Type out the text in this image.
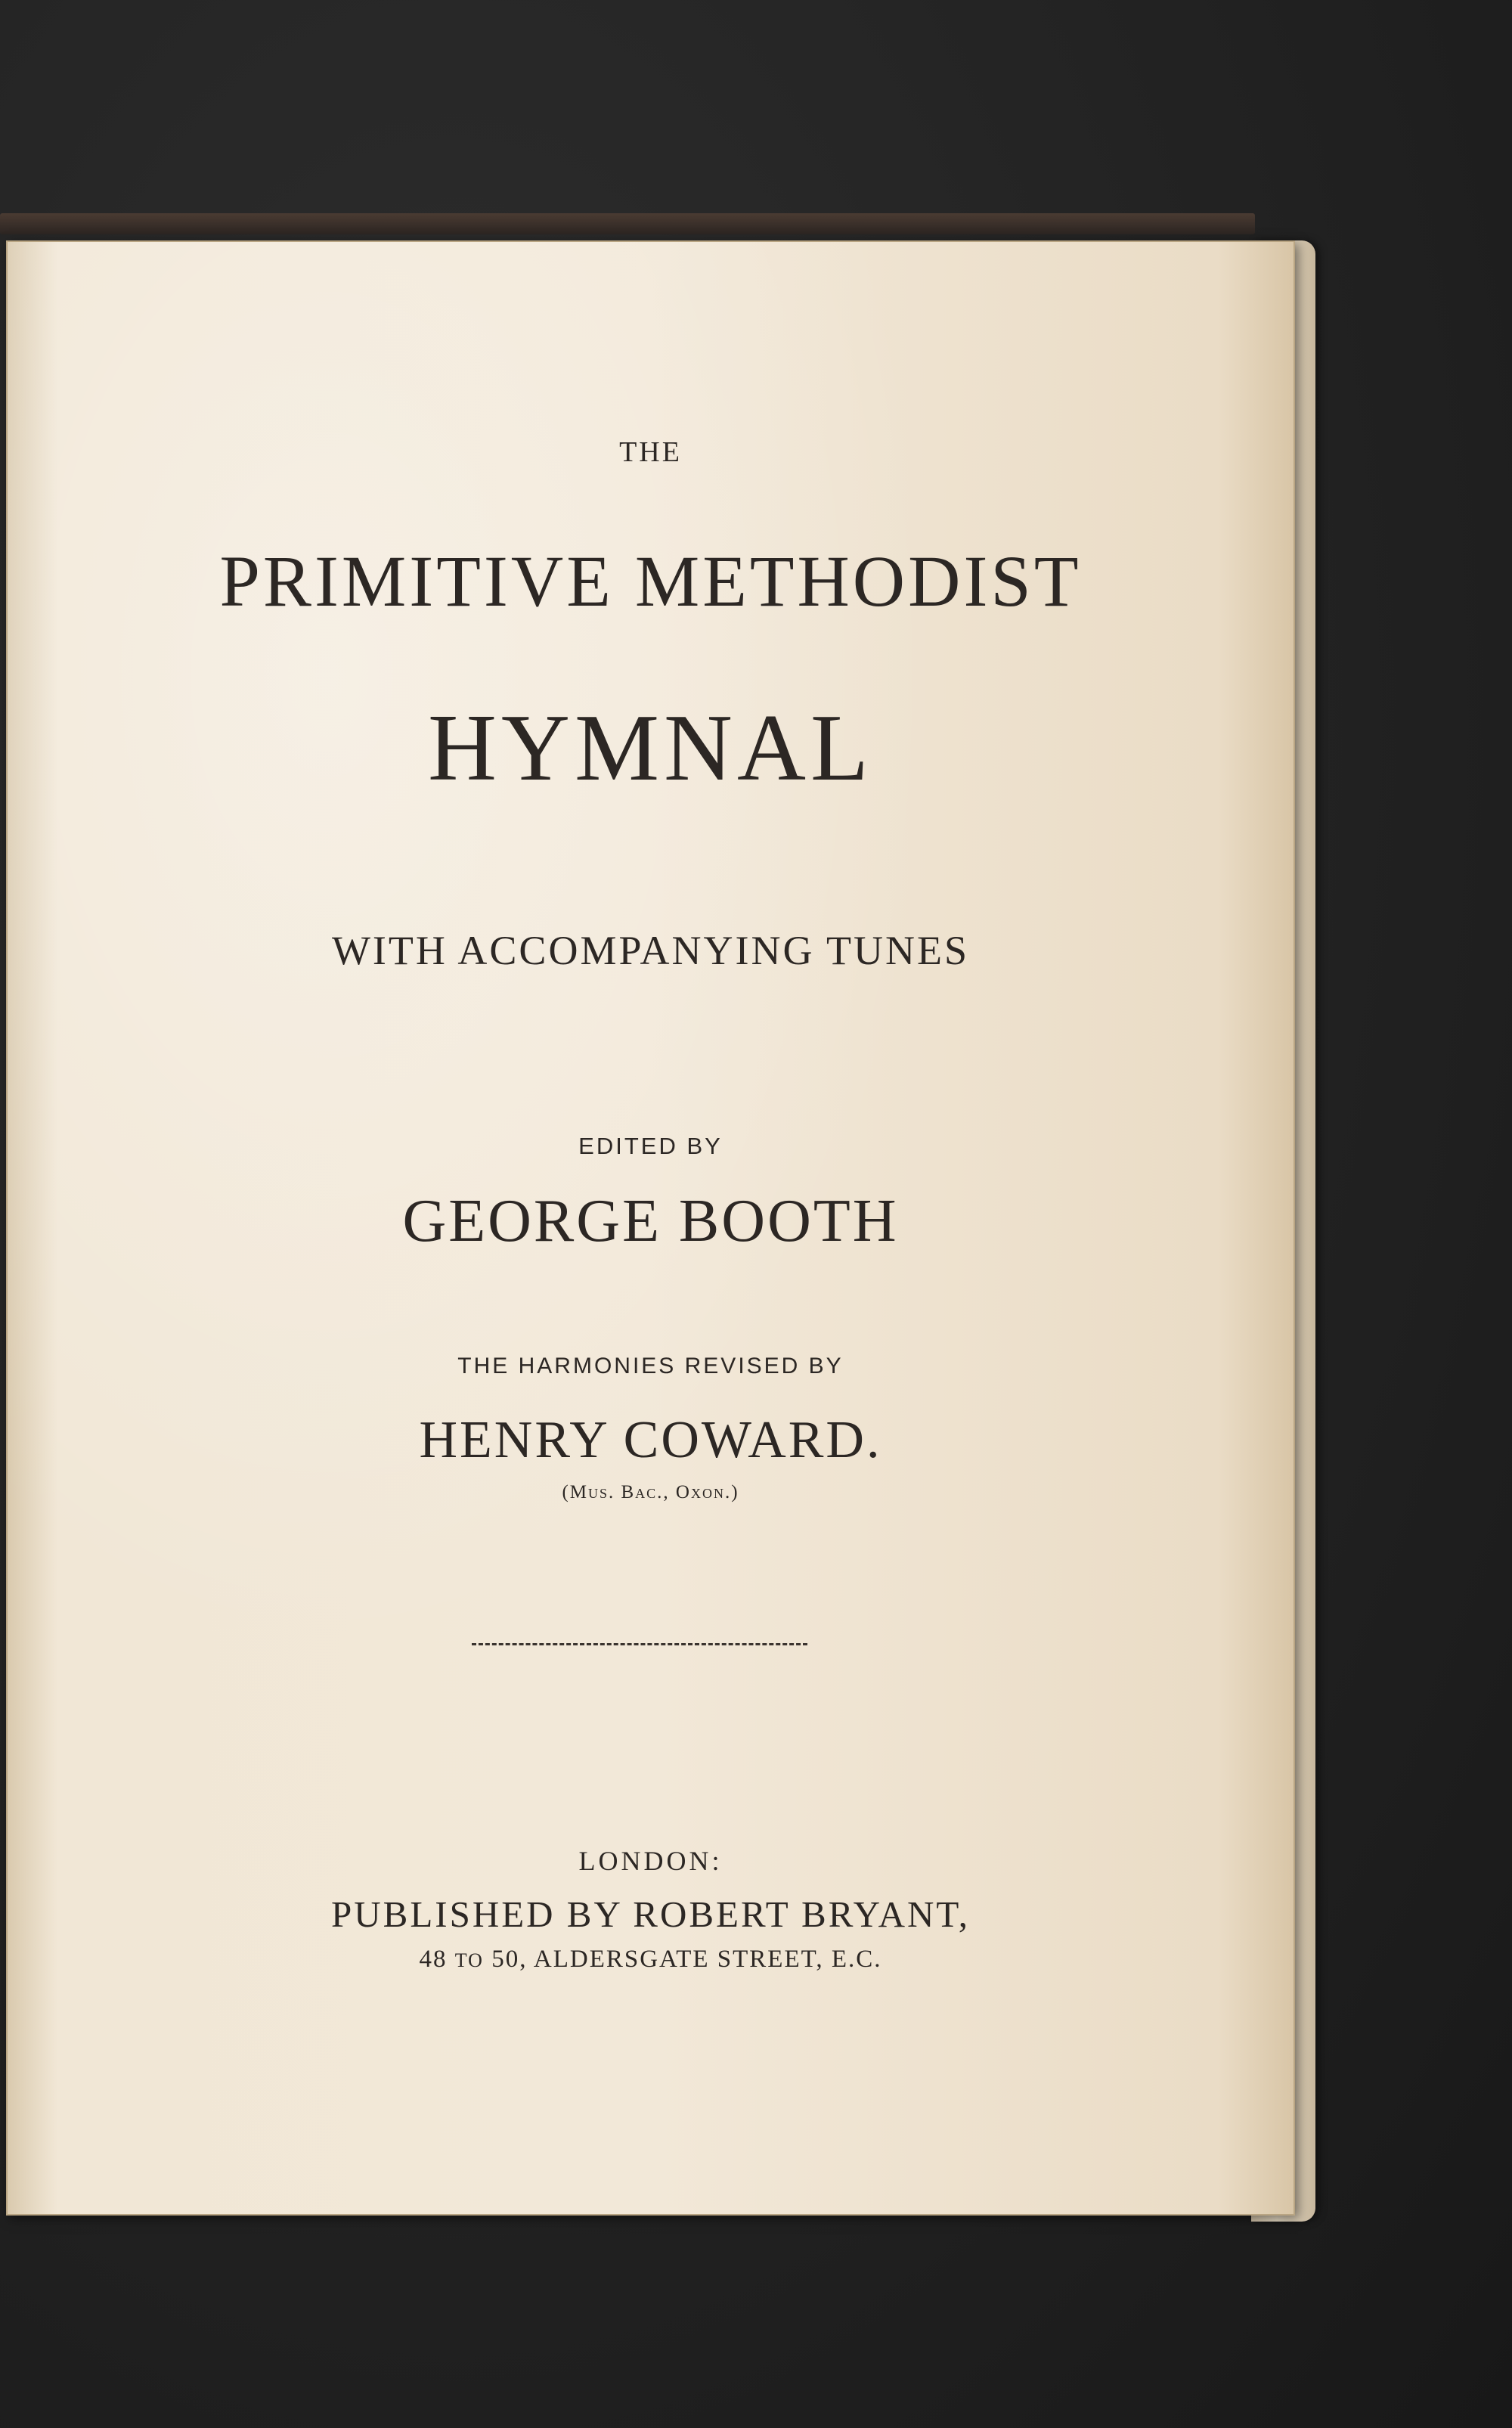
THE
PRIMITIVE METHODIST
HYMNAL
WITH ACCOMPANYING TUNES
EDITED BY
GEORGE BOOTH
THE HARMONIES REVISED BY
HENRY COWARD.
(Mus. Bac., Oxon.)
LONDON:
PUBLISHED BY ROBERT BRYANT,
48 TO 50, ALDERSGATE STREET, E.C.
